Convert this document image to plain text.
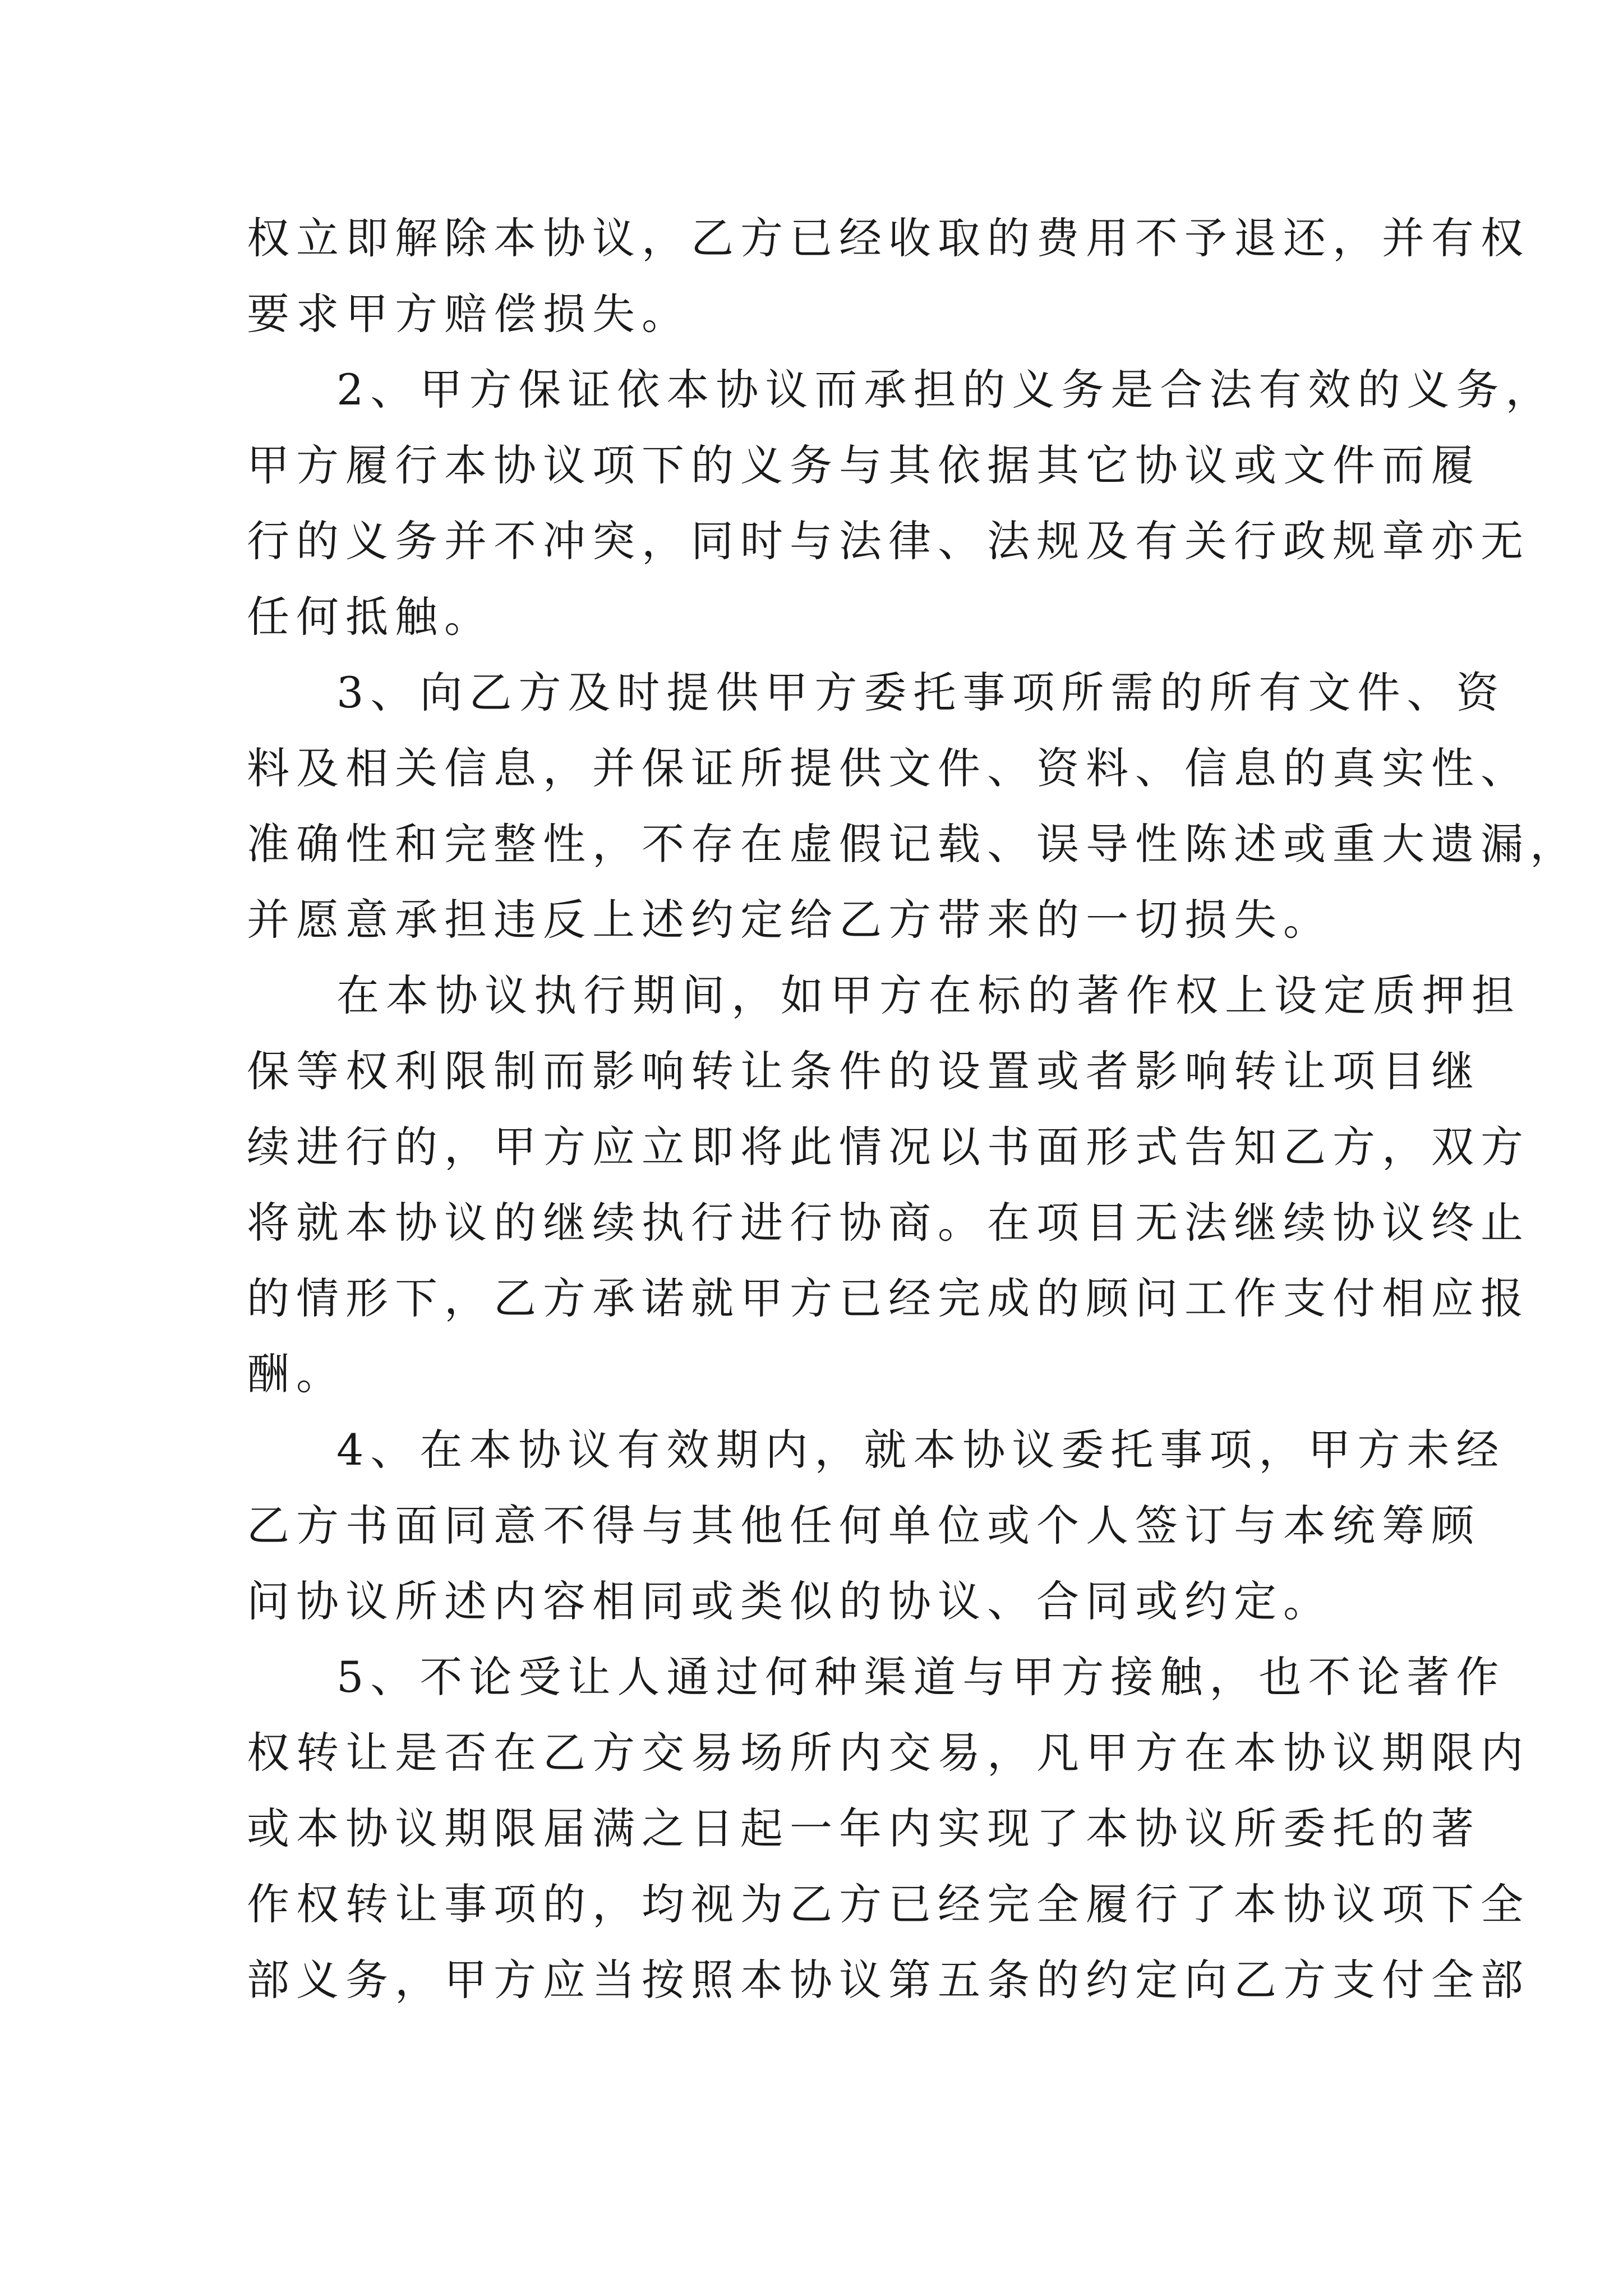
权立即解除本协议，乙方已经收取的费用不予退还，并有权
要求甲方赔偿损失。
2、甲方保证依本协议而承担的义务是合法有效的义务，
甲方履行本协议项下的义务与其依据其它协议或文件而履
行的义务并不冲突，同时与法律、法规及有关行政规章亦无
任何抵触。
3、向乙方及时提供甲方委托事项所需的所有文件、资
料及相关信息，并保证所提供文件、资料、信息的真实性、
准确性和完整性，不存在虚假记载、误导性陈述或重大遗漏，
并愿意承担违反上述约定给乙方带来的一切损失。
在本协议执行期间，如甲方在标的著作权上设定质押担
保等权利限制而影响转让条件的设置或者影响转让项目继
续进行的，甲方应立即将此情况以书面形式告知乙方，双方
将就本协议的继续执行进行协商。在项目无法继续协议终止
的情形下，乙方承诺就甲方已经完成的顾问工作支付相应报
酬。
4、在本协议有效期内，就本协议委托事项，甲方未经
乙方书面同意不得与其他任何单位或个人签订与本统筹顾
问协议所述内容相同或类似的协议、合同或约定。
5、不论受让人通过何种渠道与甲方接触，也不论著作
权转让是否在乙方交易场所内交易，凡甲方在本协议期限内
或本协议期限届满之日起一年内实现了本协议所委托的著
作权转让事项的，均视为乙方已经完全履行了本协议项下全
部义务，甲方应当按照本协议第五条的约定向乙方支付全部
